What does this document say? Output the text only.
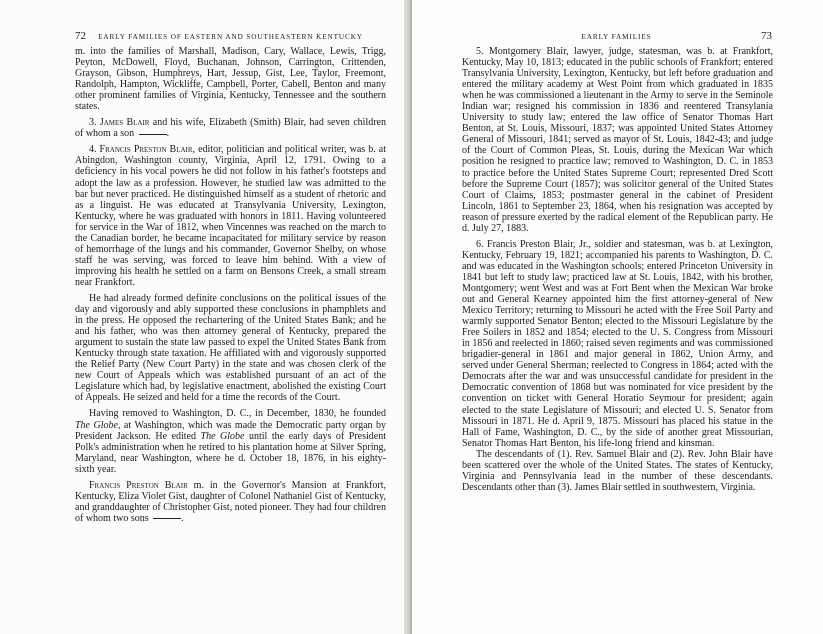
72 EARLY FAMILIES OF EASTERN AND SOUTHEASTERN KENTUCKY

m. into the families of Marshall, Madison, Cary, Wallace, Lewis, Trigg, Peyton, McDowell, Floyd, Buchanan, Johnson, Carrington, Crittenden, Grayson, Gibson, Humphreys, Hart, Jessup, Gist, Lee, Taylor, Freemont, Randolph, Hampton, Wickliffe, Campbell, Porter, Cabell, Benton and many other prominent families of Virginia, Kentucky, Tennessee and the southern states.

3. James Blair and his wife, Elizabeth (Smith) Blair, had seven children of whom a son	.

4. Francis Preston Blair, editor, politician and political writer, was b. at Abingdon, Washington county, Virginia, April 12, 1791. Owing to a deficiency in his vocal powers he did not follow in his father's footsteps and adopt the law as a profession. However, he studied law was admitted to the bar but never practiced. He distinguished himself as a student of rhetoric and as a linguist. He was educated at Transylvania University, Lexington, Kentucky, where he was graduated with honors in 1811. Having volunteered for service in the War of 1812, when Vincennes was reached on the march to the Canadian border, he became incapacitated for military service by reason of hemorrhage of the lungs and his commander, Governor Shelby, on whose staff he was serving, was forced to leave him behind. With a view of improving his health he settled on a farm on Bensons Creek, a small stream near Frankfort.

He had already formed definite conclusions on the political issues of the day and vigorously and ably supported these conclusions in phamphlets and in the press. He opposed the rechartering of the United States Bank; and he and his father, who was then attorney general of Kentucky, prepared the argument to sustain the state law passed to expel the United States Bank from Kentucky through state taxation. He affiliated with and vigorously supported the Relief Party (New Court Party) in the state and was chosen clerk of the new Court of Appeals which was established pursuant of an act of the Legislature which had, by legislative enactment, abolished the existing Court of Appeals. He seized and held for a time the records of the Court.

Having removed to Washington, D. C., in December, 1830, he founded The Globe, at Washington, which was made the Democratic party organ by President Jackson. He edited The Globe until the early days of President Polk's administration when he retired to his plantation home at Silver Spring, Maryland, near Washington, where he d. October 18, 1876, in his eighty-sixth year.

Francis Preston Blair m. in the Governor's Mansion at Frankfort, Kentucky, Eliza Violet Gist, daughter of Colonel Nathaniel Gist of Kentucky, and granddaughter of Christopher Gist, noted pioneer. They had four children of whom two sons	.

EARLY FAMILIES	73

5. Montgomery Blair, lawyer, judge, statesman, was b. at Frankfort, Kentucky, May 10, 1813; educated in the public schools of Frankfort; entered Transylvania University, Lexington, Kentucky, but left before graduation and entered the military academy at West Point from which graduated in 1835 when he was commissioned a lieutenant in the Army to serve in the Seminole Indian war; resigned his commission in 1836 and reentered Transylania University to study law; entered the law office of Senator Thomas Hart Benton, at St. Louis, Missouri, 1837; was appointed United States Attorney General of Missouri, 1841; served as mayor of St. Louis, 1842-43; and judge of the Court of Common Pleas, St. Louis, during the Mexican War which position he resigned to practice law; removed to Washington, D. C. in 1853 to practice before the United States Supreme Court; represented Dred Scott before the Supreme Court (1857); was solicitor general of the United States Court of Claims, 1853; postmaster general in the cabinet of President Lincoln, 1861 to September 23, 1864, when his resignation was accepted by reason of pressure exerted by the radical element of the Republican party. He d. July 27, 1883.

6. Francis Preston Blair, Jr., soldier and statesman, was b. at Lexington, Kentucky, February 19, 1821; accompanied his parents to Washington, D. C. and was educated in the Washington schools; entered Princeton University in 1841 but left to study law; practiced law at St. Louis, 1842, with his brother, Montgomery; went West and was at Fort Bent when the Mexican War broke out and General Kearney appointed him the first attorney-general of New Mexico Territory; returning to Missouri he acted with the Free Soil Party and warmly supported Senator Benton; elected to the Missouri Legislature by the Free Soilers in 1852 and 1854; elected to the U. S. Congress from Missouri in 1856 and reelected in 1860; raised seven regiments and was commissioned brigadier-general in 1861 and major general in 1862, Union Army, and served under General Sherman; reelected to Congress in 1864; acted with the Democrats after the war and was unsuccessful candidate for president in the Democratic convention of 1868 but was nominated for vice president by the convention on ticket with General Horatio Seymour for president; again elected to the state Legislature of Missouri; and elected U. S. Senator from Missouri in 1871. He d. April 9, 1875. Missouri has placed his statue in the Hall of Fame, Washington, D. C., by the side of another great Missourian, Senator Thomas Hart Benton, his life-long friend and kinsman.

The descendants of (1). Rev. Samuel Blair and (2). Rev. John Blair have been scattered over the whole of the United States. The states of Kentucky, Virginia and Pennsylvania lead in the number of these descendants. Descendants other than (3). James Blair settled in southwestern, Virginia.
